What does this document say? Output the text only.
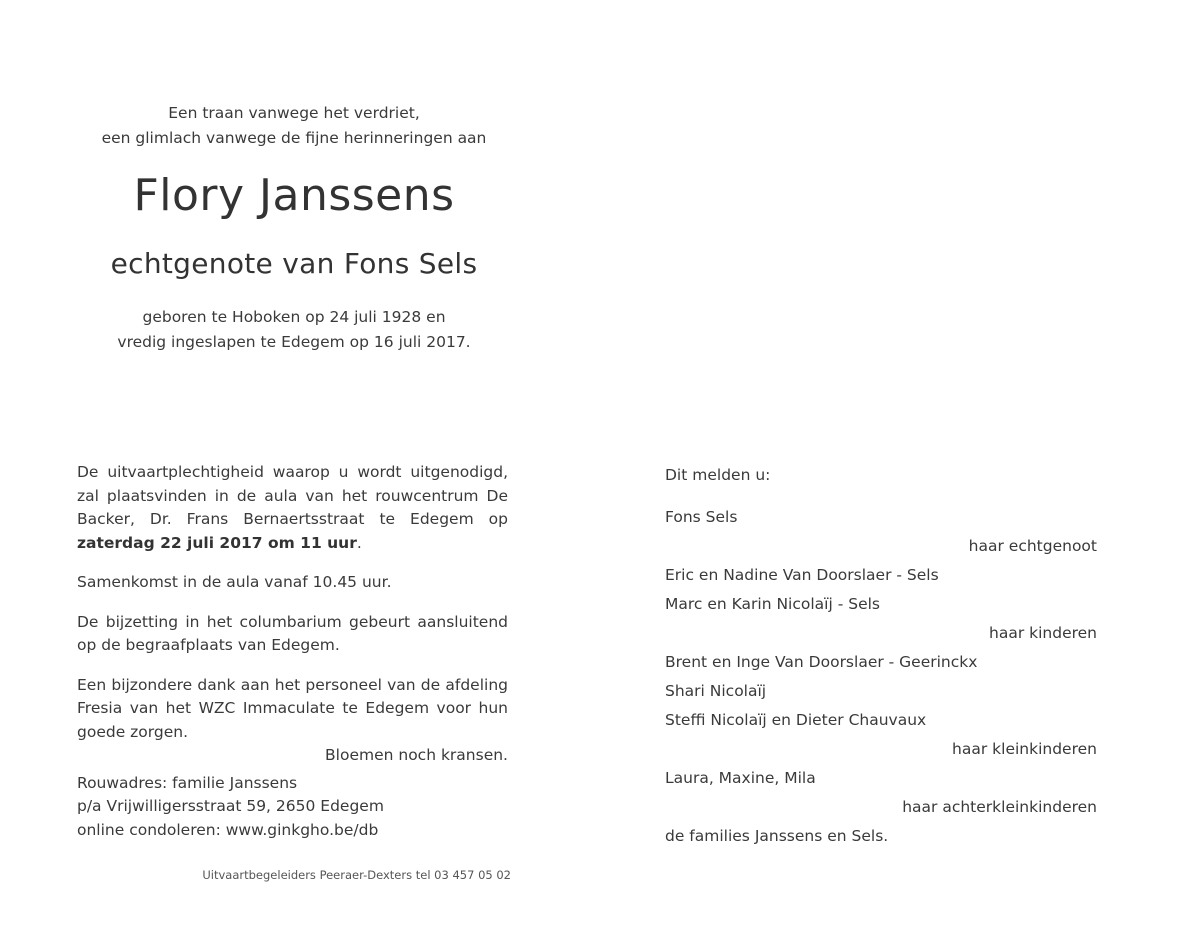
Een traan vanwege het verdriet,
een glimlach vanwege de fijne herinneringen aan
Flory Janssens
echtgenote van Fons Sels
geboren te Hoboken op 24 juli 1928 en
vredig ingeslapen te Edegem op 16 juli 2017.

De uitvaartplechtigheid waarop u wordt uitgenodigd, zal plaatsvinden in de aula van het rouwcentrum De Backer, Dr. Frans Bernaertsstraat te Edegem op zaterdag 22 juli 2017 om 11 uur.

Samenkomst in de aula vanaf 10.45 uur.

De bijzetting in het columbarium gebeurt aansluitend op de begraafplaats van Edegem.

Een bijzondere dank aan het personeel van de afdeling Fresia van het WZC Immaculate te Edegem voor hun goede zorgen.

Bloemen noch kransen.

Rouwadres: familie Janssens
p/a Vrijwilligersstraat 59, 2650 Edegem
online condoleren: www.ginkgho.be/db
Uitvaartbegeleiders Peeraer-Dexters tel 03 457 05 02
Dit melden u:
Fons Sels
haar echtgenoot
Eric en Nadine Van Doorslaer - Sels
Marc en Karin Nicolaïj - Sels
haar kinderen
Brent en Inge Van Doorslaer - Geerinckx
Shari Nicolaïj
Steffi Nicolaïj en Dieter Chauvaux
haar kleinkinderen
Laura, Maxine, Mila
haar achterkleinkinderen
de families Janssens en Sels.
